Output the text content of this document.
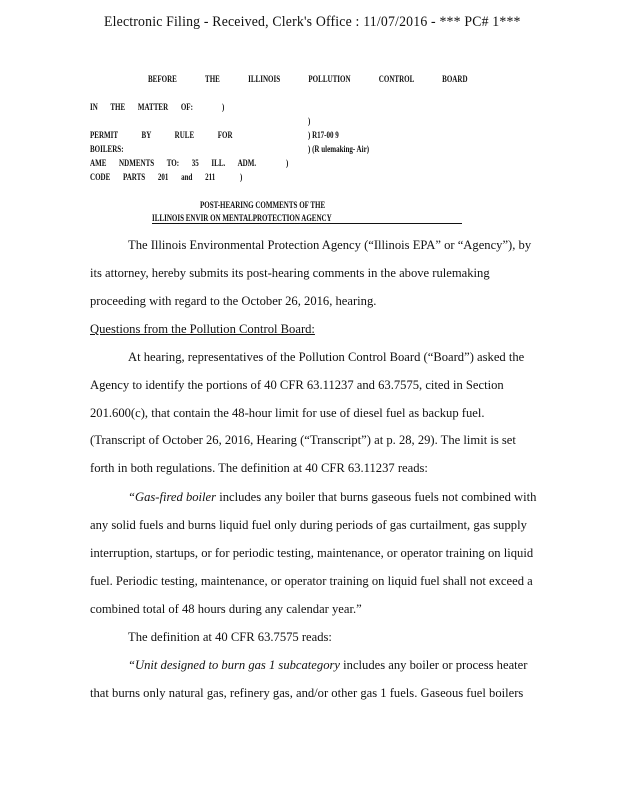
Electronic Filing - Received, Clerk's Office : 11/07/2016 - *** PC# 1***
BEFORE THE ILLINOIS POLLUTION CONTROL BOARD
IN THE MATTER OF:	)
)
PERMIT BY RULE FOR	) R17-00 9
BOILERS:	) (R ulemaking- Air)
AME NDMENTS TO: 35 ILL. ADM.	)
CODE PARTS 201 and 211	)
POST-HEARING COMMENTS OF THE
ILLINOIS ENVIR ON MENTALPROTECTION AGENCY
The Illinois Environmental Protection Agency (“Illinois EPA” or “Agency”), by
its attorney, hereby submits its post-hearing comments in the above rulemaking
proceeding with regard to the October 26, 2016, hearing.
Questions from the Pollution Control Board:
At hearing, representatives of the Pollution Control Board (“Board”) asked the
Agency to identify the portions of 40 CFR 63.11237 and 63.7575, cited in Section
201.600(c), that contain the 48-hour limit for use of diesel fuel as backup fuel.
(Transcript of October 26, 2016, Hearing (“Transcript”) at p. 28, 29). The limit is set
forth in both regulations. The definition at 40 CFR 63.11237 reads:
“Gas-fired boiler includes any boiler that burns gaseous fuels not combined with
any solid fuels and burns liquid fuel only during periods of gas curtailment, gas supply
interruption, startups, or for periodic testing, maintenance, or operator training on liquid
fuel. Periodic testing, maintenance, or operator training on liquid fuel shall not exceed a
combined total of 48 hours during any calendar year.”
The definition at 40 CFR 63.7575 reads:
“Unit designed to burn gas 1 subcategory includes any boiler or process heater
that burns only natural gas, refinery gas, and/or other gas 1 fuels. Gaseous fuel boilers
